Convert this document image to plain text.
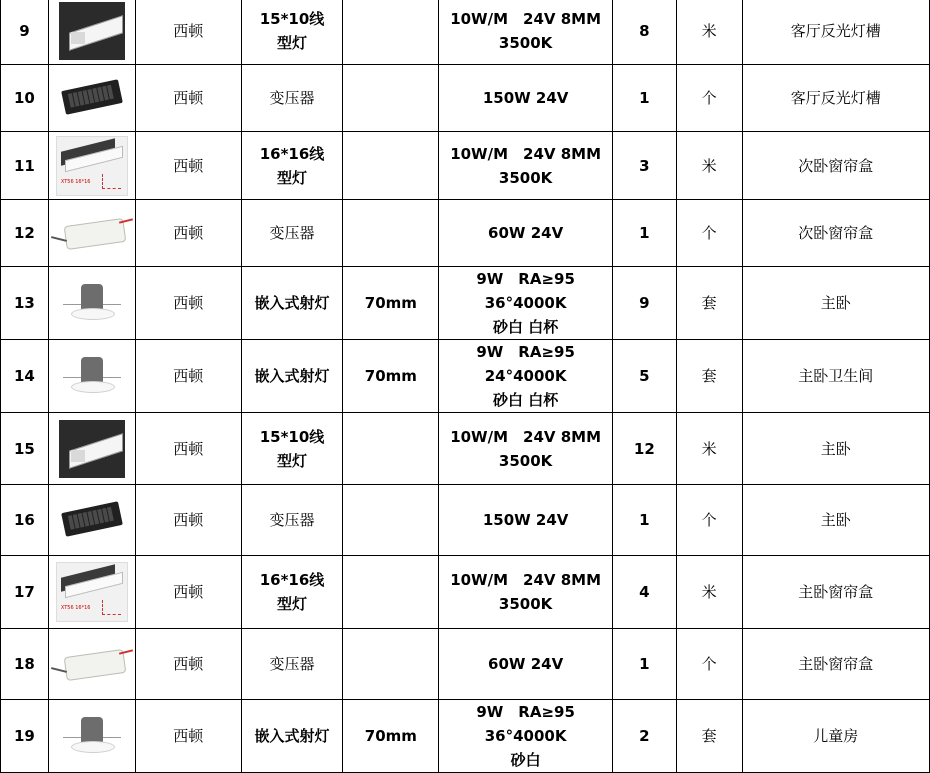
9		西顿	15*10线型灯		10W/M　24V 8MM
3500K	8	米	客厅反光灯槽
10		西顿	变压器		150W 24V	1	个	客厅反光灯槽
11	XT56 16*16	西顿	16*16线型灯		10W/M　24V 8MM
3500K	3	米	次卧窗帘盒
12		西顿	变压器		60W 24V	1	个	次卧窗帘盒
13		西顿	嵌入式射灯	70mm	9W　RA≥95
36°4000K
砂白 白杯	9	套	主卧
14		西顿	嵌入式射灯	70mm	9W　RA≥95
24°4000K
砂白 白杯	5	套	主卧卫生间
15		西顿	15*10线型灯		10W/M　24V 8MM
3500K	12	米	主卧
16		西顿	变压器		150W 24V	1	个	主卧
17	XT56 16*16	西顿	16*16线型灯		10W/M　24V 8MM
3500K	4	米	主卧窗帘盒
18		西顿	变压器		60W 24V	1	个	主卧窗帘盒
19		西顿	嵌入式射灯	70mm	9W　RA≥95
36°4000K
砂白	2	套	儿童房
